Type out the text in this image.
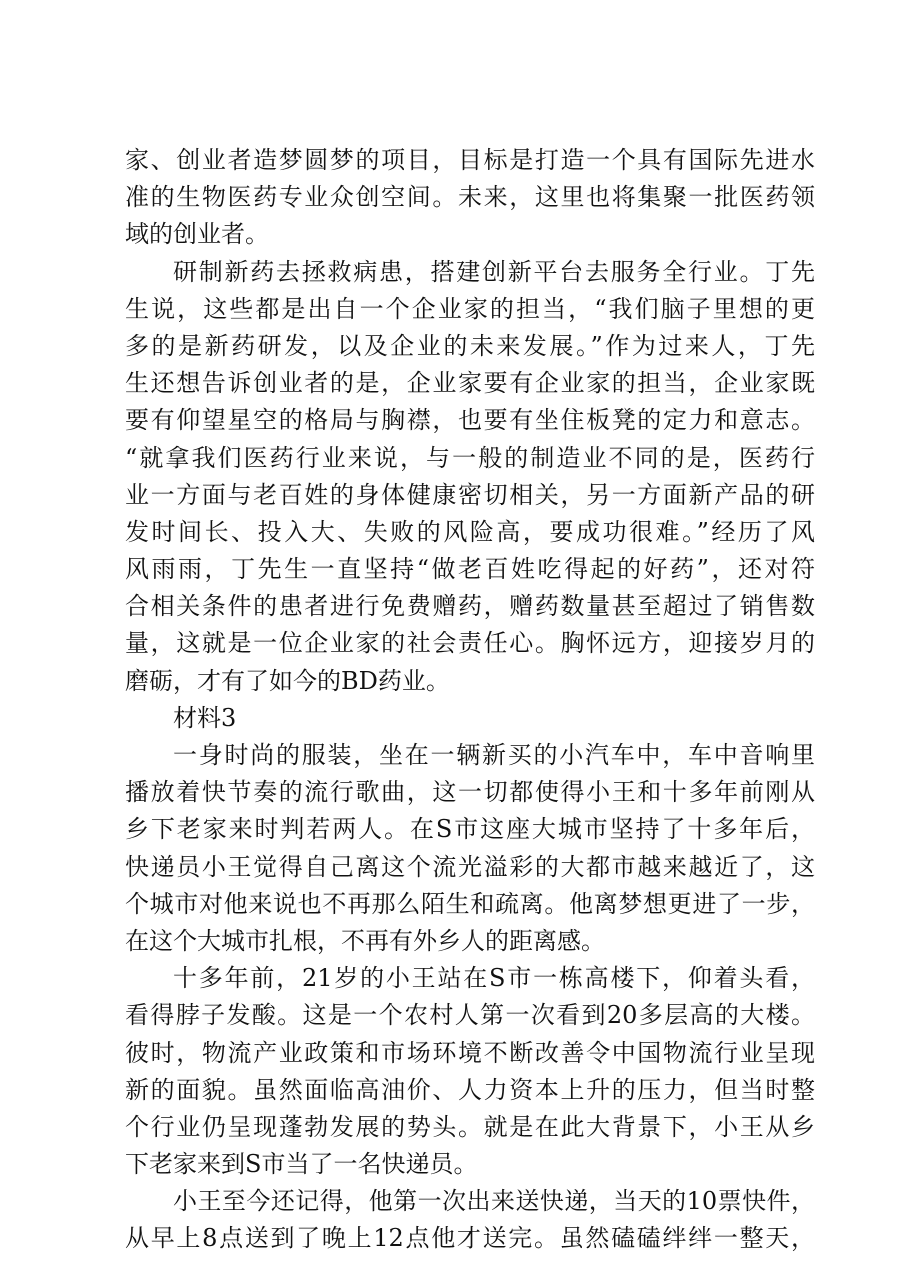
家、创业者造梦圆梦的项目，目标是打造一个具有国际先进水
准的生物医药专业众创空间。未来，这里也将集聚一批医药领
域的创业者。
研制新药去拯救病患，搭建创新平台去服务全行业。丁先
生说，这些都是出自一个企业家的担当，“我们脑子里想的更
多的是新药研发，以及企业的未来发展。”作为过来人，丁先
生还想告诉创业者的是，企业家要有企业家的担当，企业家既
要有仰望星空的格局与胸襟，也要有坐住板凳的定力和意志。
“就拿我们医药行业来说，与一般的制造业不同的是，医药行
业一方面与老百姓的身体健康密切相关，另一方面新产品的研
发时间长、投入大、失败的风险高，要成功很难。”经历了风
风雨雨，丁先生一直坚持“做老百姓吃得起的好药”，还对符
合相关条件的患者进行免费赠药，赠药数量甚至超过了销售数
量，这就是一位企业家的社会责任心。胸怀远方，迎接岁月的
磨砺，才有了如今的BD药业。
材料3
一身时尚的服装，坐在一辆新买的小汽车中，车中音响里
播放着快节奏的流行歌曲，这一切都使得小王和十多年前刚从
乡下老家来时判若两人。在S市这座大城市坚持了十多年后，
快递员小王觉得自己离这个流光溢彩的大都市越来越近了，这
个城市对他来说也不再那么陌生和疏离。他离梦想更进了一步，
在这个大城市扎根，不再有外乡人的距离感。
十多年前，21岁的小王站在S市一栋高楼下，仰着头看，
看得脖子发酸。这是一个农村人第一次看到20多层高的大楼。
彼时，物流产业政策和市场环境不断改善令中国物流行业呈现
新的面貌。虽然面临高油价、人力资本上升的压力，但当时整
个行业仍呈现蓬勃发展的势头。就是在此大背景下，小王从乡
下老家来到S市当了一名快递员。
小王至今还记得，他第一次出来送快递，当天的10票快件，
从早上8点送到了晚上12点他才送完。虽然磕磕绊绊一整天，
